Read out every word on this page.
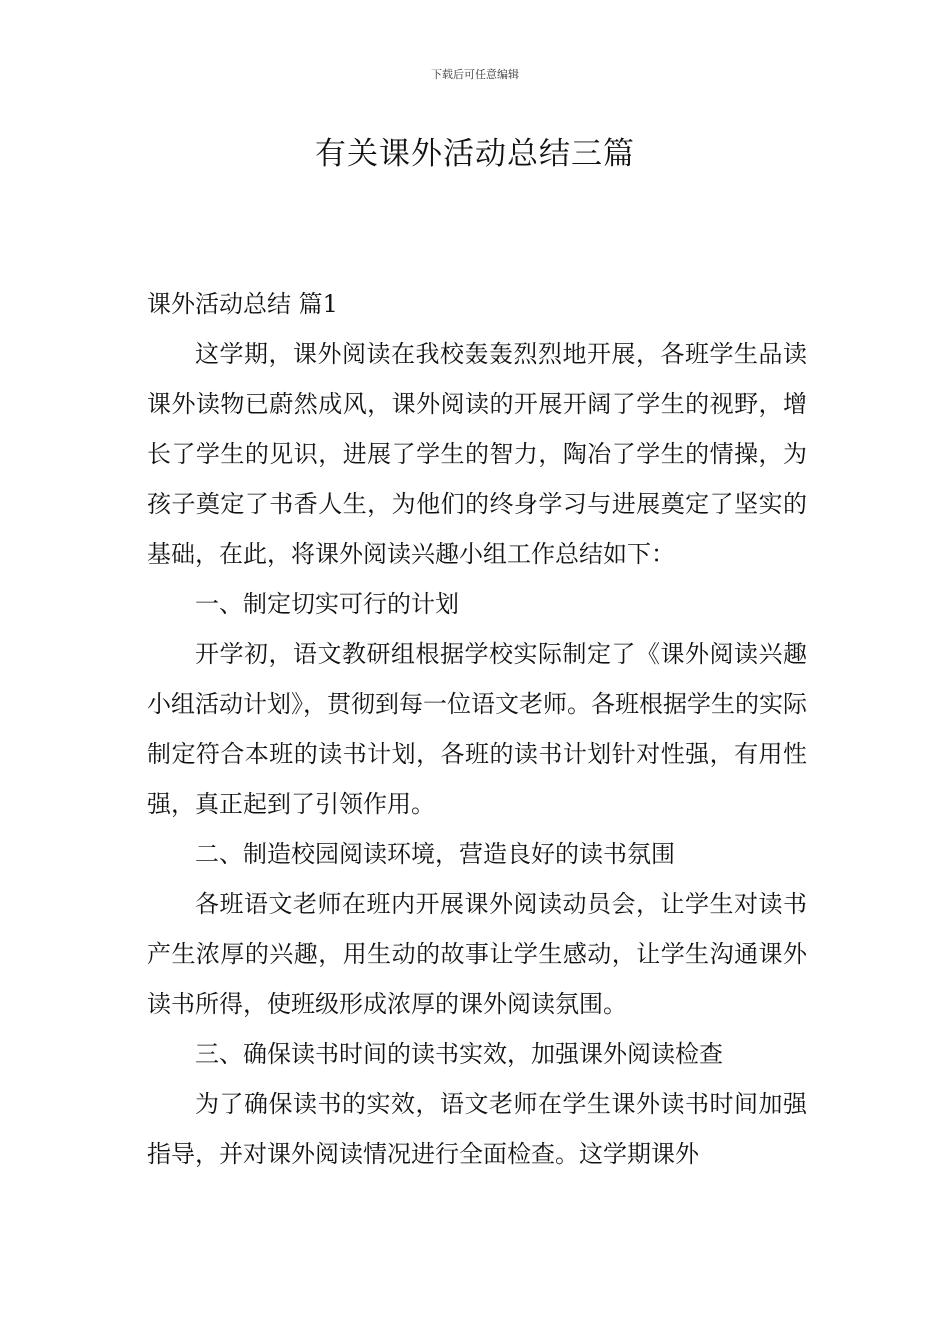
下载后可任意编辑
有关课外活动总结三篇

课外活动总结 篇1

这学期，课外阅读在我校轰轰烈烈地开展，各班学生品读课外读物已蔚然成风，课外阅读的开展开阔了学生的视野，增长了学生的见识，进展了学生的智力，陶冶了学生的情操，为孩子奠定了书香人生，为他们的终身学习与进展奠定了坚实的基础，在此，将课外阅读兴趣小组工作总结如下：

一、制定切实可行的计划

开学初，语文教研组根据学校实际制定了《课外阅读兴趣小组活动计划》，贯彻到每一位语文老师。各班根据学生的实际制定符合本班的读书计划，各班的读书计划针对性强，有用性强，真正起到了引领作用。

二、制造校园阅读环境，营造良好的读书氛围

各班语文老师在班内开展课外阅读动员会，让学生对读书产生浓厚的兴趣，用生动的故事让学生感动，让学生沟通课外读书所得，使班级形成浓厚的课外阅读氛围。

三、确保读书时间的读书实效，加强课外阅读检查

为了确保读书的实效，语文老师在学生课外读书时间加强指导，并对课外阅读情况进行全面检查。这学期课外
